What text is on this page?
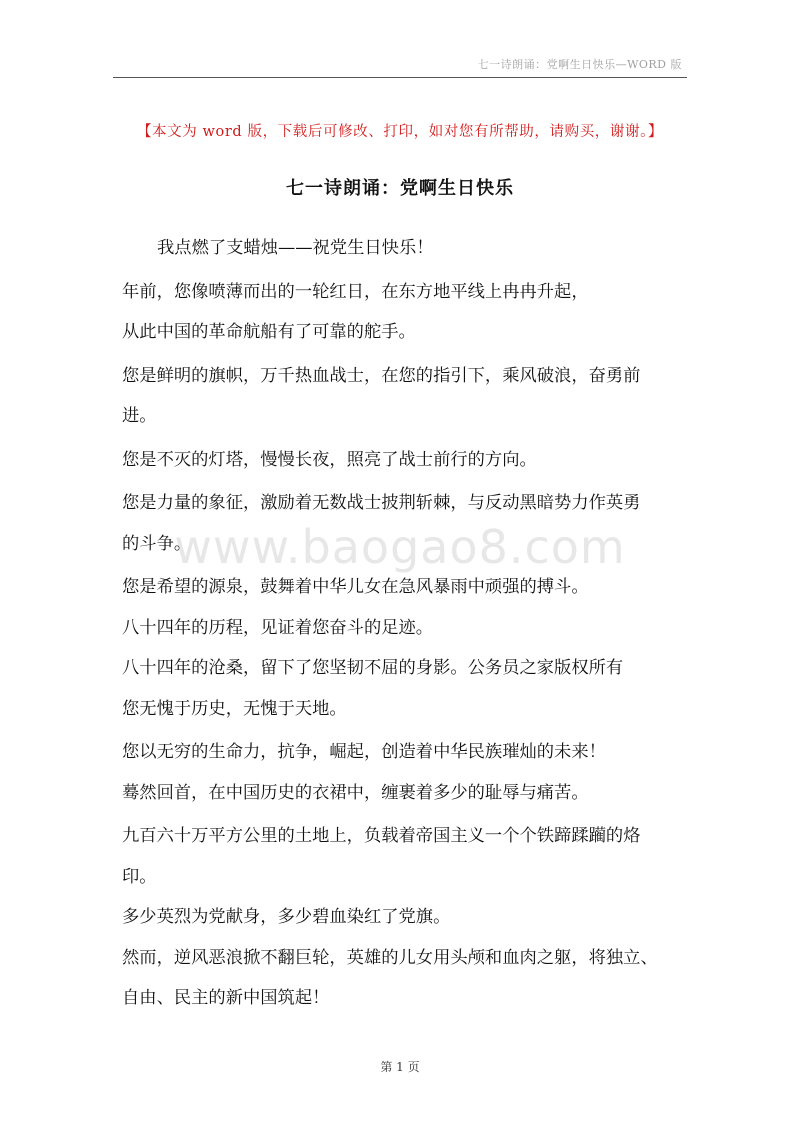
七一诗朗诵：党啊生日快乐—WORD 版
【本文为 word 版，下载后可修改、打印，如对您有所帮助，请购买，谢谢。】
七一诗朗诵：党啊生日快乐
我点燃了支蜡烛——祝党生日快乐！
年前，您像喷薄而出的一轮红日，在东方地平线上冉冉升起，
从此中国的革命航船有了可靠的舵手。
您是鲜明的旗帜，万千热血战士，在您的指引下，乘风破浪，奋勇前
进。
您是不灭的灯塔，慢慢长夜，照亮了战士前行的方向。
您是力量的象征，激励着无数战士披荆斩棘，与反动黑暗势力作英勇
的斗争。
您是希望的源泉，鼓舞着中华儿女在急风暴雨中顽强的搏斗。
八十四年的历程，见证着您奋斗的足迹。
八十四年的沧桑，留下了您坚韧不屈的身影。公务员之家版权所有
您无愧于历史，无愧于天地。
您以无穷的生命力，抗争，崛起，创造着中华民族璀灿的未来！
蓦然回首，在中国历史的衣裙中，缠裹着多少的耻辱与痛苦。
九百六十万平方公里的土地上，负载着帝国主义一个个铁蹄蹂躏的烙
印。
多少英烈为党献身，多少碧血染红了党旗。
然而，逆风恶浪掀不翻巨轮，英雄的儿女用头颅和血肉之躯，将独立、
自由、民主的新中国筑起！
www.baogao8.com
第 1 页
